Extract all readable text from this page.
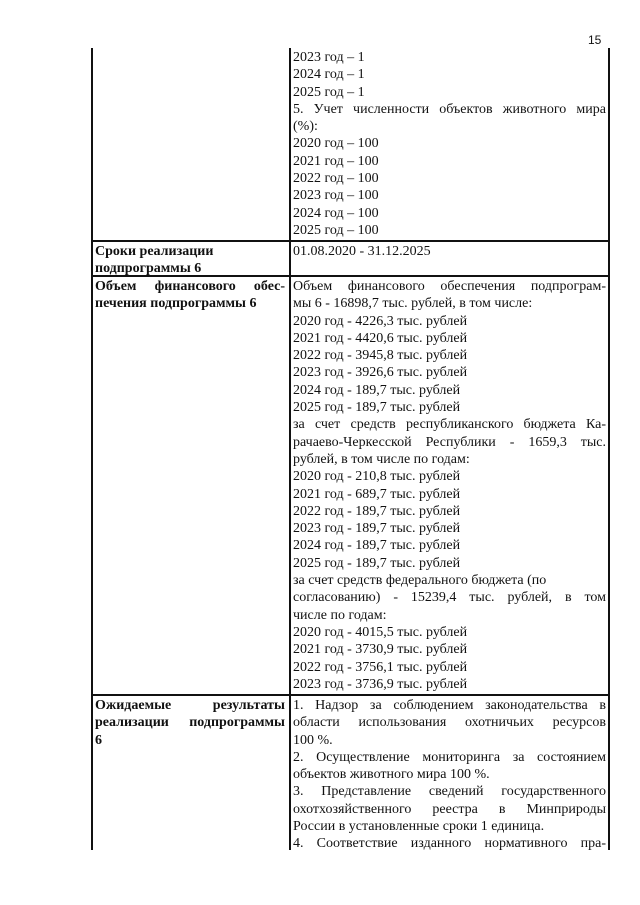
15
2023 год – 1
2024 год – 1
2025 год – 1
5. Учет численности объектов животного мира
(%):
2020 год – 100
2021 год – 100
2022 год – 100
2023 год – 100
2024 год – 100
2025 год – 100
Сроки реализации
подпрограммы 6
01.08.2020 - 31.12.2025
Объем финансового обес-
печения подпрограммы 6
Объем финансового обеспечения подпрограм-
мы 6 - 16898,7 тыс. рублей, в том числе:
2020 год - 4226,3 тыс. рублей
2021 год - 4420,6 тыс. рублей
2022 год - 3945,8 тыс. рублей
2023 год - 3926,6 тыс. рублей
2024 год - 189,7 тыс. рублей
2025 год - 189,7 тыс. рублей
за счет средств республиканского бюджета Ка-
рачаево-Черкесской Республики - 1659,3 тыс.
рублей, в том числе по годам:
2020 год - 210,8 тыс. рублей
2021 год - 689,7 тыс. рублей
2022 год - 189,7 тыс. рублей
2023 год - 189,7 тыс. рублей
2024 год - 189,7 тыс. рублей
2025 год - 189,7 тыс. рублей
за счет средств федерального бюджета (по
согласованию) - 15239,4 тыс. рублей, в том
числе по годам:
2020 год - 4015,5 тыс. рублей
2021 год - 3730,9 тыс. рублей
2022 год - 3756,1 тыс. рублей
2023 год - 3736,9 тыс. рублей
Ожидаемые результаты
реализации подпрограммы
6
1. Надзор за соблюдением законодательства в
области использования охотничьих ресурсов
100 %.
2. Осуществление мониторинга за состоянием
объектов животного мира 100 %.
3. Представление сведений государственного
охотхозяйственного реестра в Минприроды
России в установленные сроки 1 единица.
4. Соответствие изданного нормативного пра-
